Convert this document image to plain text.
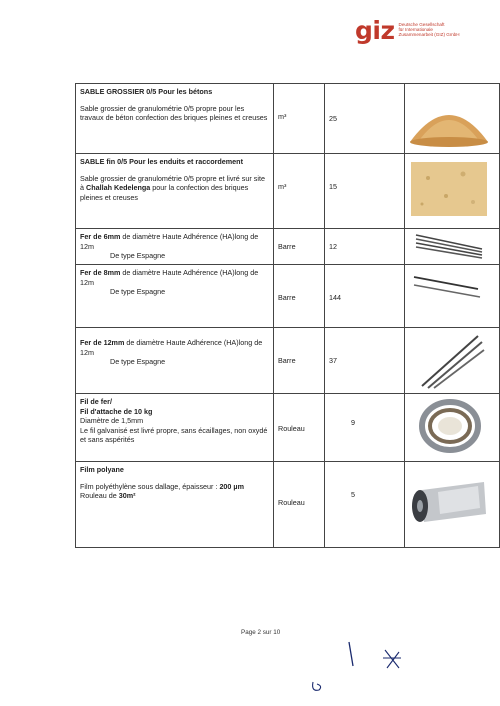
giz Deutsche Gesellschaft
für Internationale
Zusammenarbeit (GIZ) GmbH
SABLE GROSSIER 0/5 Pour les bétons
Sable grossier de granulométrie 0/5 propre pour les travaux de béton confection des briques pleines et creuses	m³	25	

SABLE fin 0/5 Pour les enduits et raccordement
Sable grossier de granulométrie 0/5 propre et livré sur site à Challah Kedelenga pour la confection des briques pleines et creuses	m³	15	

Fer de 6mm de diamètre Haute Adhérence (HA)long de 12m
De type Espagne	Barre	12	

Fer de 8mm de diamètre Haute Adhérence (HA)long de 12m
De type Espagne	Barre	144	

Fer de 12mm de diamètre Haute Adhérence (HA)long de 12m
De type Espagne	Barre	37	

Fil de fer/
Fil d'attache de 10 kg
Diamètre de 1,5mm
Le fil galvanisé est livré propre, sans écaillages, non oxydé et sans aspérités	Rouleau	9	

Film polyane
Film polyéthylène sous dallage, épaisseur : 200 µm
Rouleau de 30m²	Rouleau	5	
Page 2 sur 10
